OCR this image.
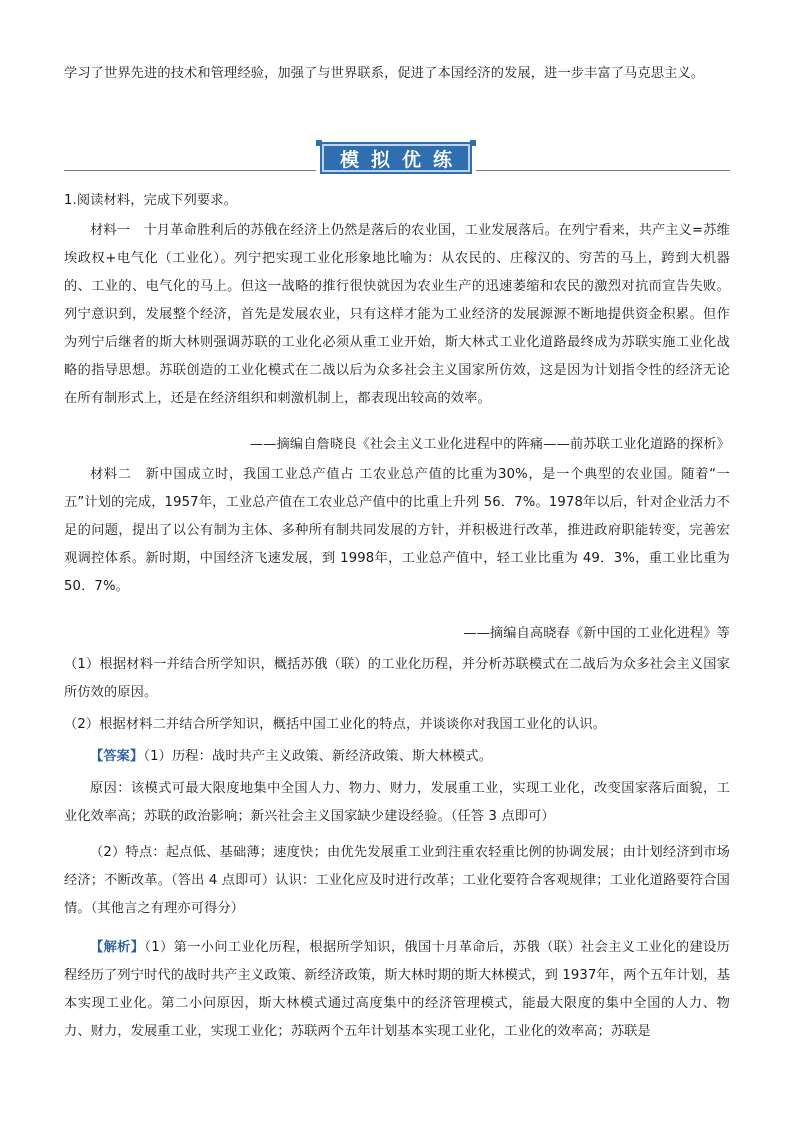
学习了世界先进的技术和管理经验，加强了与世界联系，促进了本国经济的发展，进一步丰富了马克思主义。

模拟优练

1.阅读材料，完成下列要求。

材料一　十月革命胜利后的苏俄在经济上仍然是落后的农业国，工业发展落后。在列宁看来，共产主义=苏维埃政权+电气化（工业化）。列宁把实现工业化形象地比喻为：从农民的、庄稼汉的、穷苦的马上，跨到大机器的、工业的、电气化的马上。但这一战略的推行很快就因为农业生产的迅速萎缩和农民的激烈对抗而宣告失败。列宁意识到，发展整个经济，首先是发展农业，只有这样才能为工业经济的发展源源不断地提供资金积累。但作为列宁后继者的斯大林则强调苏联的工业化必须从重工业开始，斯大林式工业化道路最终成为苏联实施工业化战略的指导思想。苏联创造的工业化模式在二战以后为众多社会主义国家所仿效，这是因为计划指令性的经济无论在所有制形式上，还是在经济组织和刺激机制上，都表现出较高的效率。

——摘编自詹晓良《社会主义工业化进程中的阵痛——前苏联工业化道路的探析》

材料二　新中国成立时，我国工业总产值占 工农业总产值的比重为30%，是一个典型的农业国。随着“一五”计划的完成，1957年，工业总产值在工农业总产值中的比重上升列 56．7%。1978年以后，针对企业活力不足的问题，提出了以公有制为主体、多种所有制共同发展的方针，并积极进行改革，推进政府职能转变，完善宏观调控体系。新时期，中国经济飞速发展，到 1998年，工业总产值中，轻工业比重为 49．3%，重工业比重为 50．7%。

——摘编自高晓春《新中国的工业化进程》等

（1）根据材料一并结合所学知识，概括苏俄（联）的工业化历程，并分析苏联模式在二战后为众多社会主义国家所仿效的原因。

（2）根据材料二并结合所学知识，概括中国工业化的特点，并谈谈你对我国工业化的认识。

【答案】（1）历程：战时共产主义政策、新经济政策、斯大林模式。

原因：该模式可最大限度地集中全国人力、物力、财力，发展重工业，实现工业化，改变国家落后面貌，工业化效率高；苏联的政治影响；新兴社会主义国家缺少建设经验。（任答 3 点即可）

（2）特点：起点低、基础薄；速度快；由优先发展重工业到注重农轻重比例的协调发展；由计划经济到市场经济；不断改革。（答出 4 点即可）认识：工业化应及时进行改革；工业化要符合客观规律；工业化道路要符合国情。（其他言之有理亦可得分）

【解析】（1）第一小问工业化历程，根据所学知识，俄国十月革命后，苏俄（联）社会主义工业化的建设历程经历了列宁时代的战时共产主义政策、新经济政策，斯大林时期的斯大林模式，到 1937年，两个五年计划，基本实现工业化。第二小问原因，斯大林模式通过高度集中的经济管理模式，能最大限度的集中全国的人力、物力、财力，发展重工业，实现工业化；苏联两个五年计划基本实现工业化，工业化的效率高；苏联是
